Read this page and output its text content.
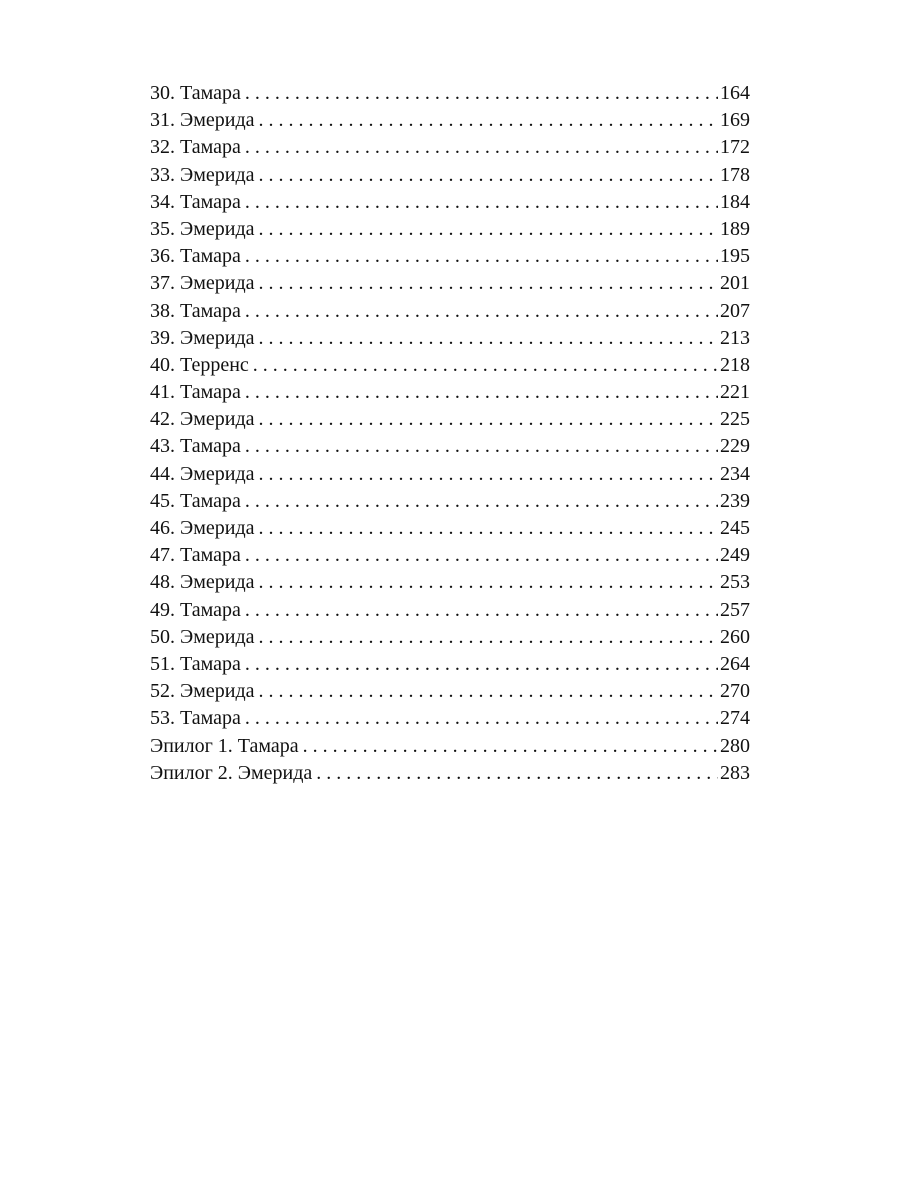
30. Тамара . . .	164
31. Эмерида . . .	169
32. Тамара . . .	172
33. Эмерида . . .	178
34. Тамара . . .	184
35. Эмерида . . .	189
36. Тамара . . .	195
37. Эмерида . . .	201
38. Тамара . . .	207
39. Эмерида . . .	213
40. Терренс . . .	218
41. Тамара . . .	221
42. Эмерида . . .	225
43. Тамара . . .	229
44. Эмерида . . .	234
45. Тамара . . .	239
46. Эмерида . . .	245
47. Тамара . . .	249
48. Эмерида . . .	253
49. Тамара . . .	257
50. Эмерида . . .	260
51. Тамара . . .	264
52. Эмерида . . .	270
53. Тамара . . .	274
Эпилог 1. Тамара . . .	280
Эпилог 2. Эмерида . . .	283
